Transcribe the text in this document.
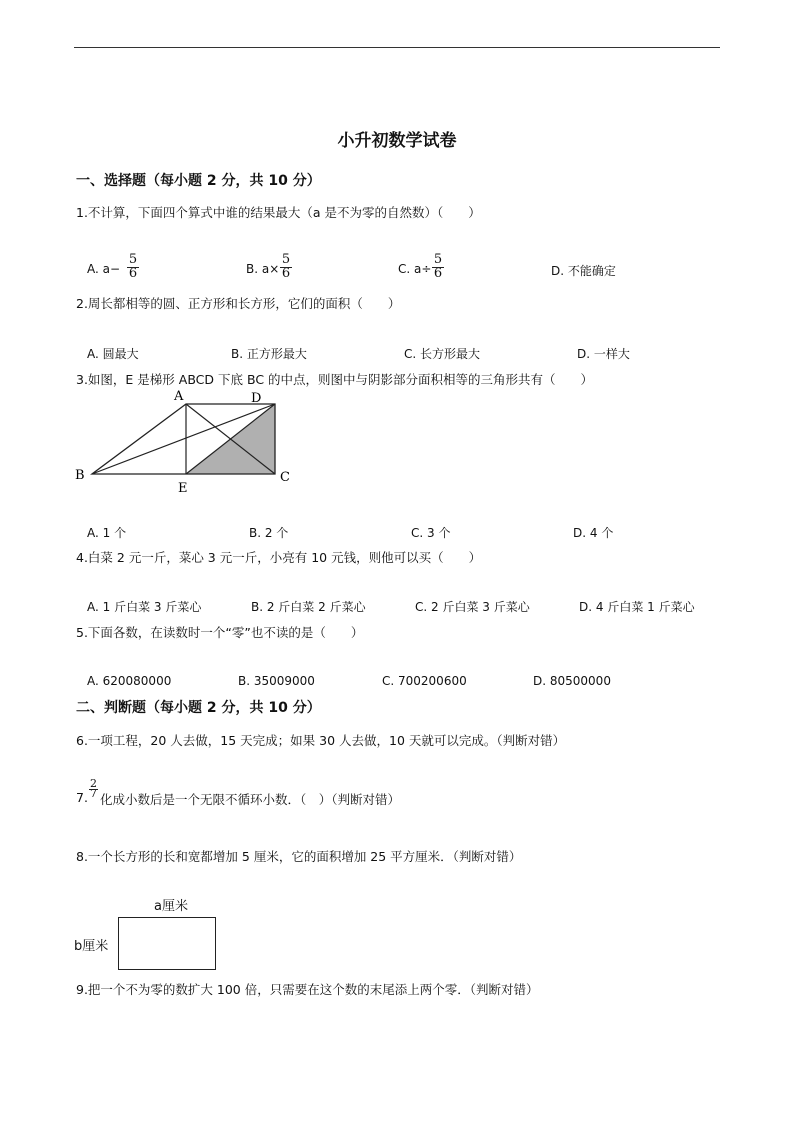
小升初数学试卷
一、选择题（每小题 2 分，共 10 分）
1.不计算，下面四个算式中谁的结果最大（a 是不为零的自然数）（　　）
A. a−
5
6	B. a×
5
6	C. a÷
5
6	D. 不能确定
2.周长都相等的圆、正方形和长方形，它们的面积（　　）
A. 圆最大	B. 正方形最大	C. 长方形最大	D. 一样大
3.如图，E 是梯形 ABCD 下底 BC 的中点，则图中与阴影部分面积相等的三角形共有（　　）
A	D
B	C
E
A. 1 个	B. 2 个	C. 3 个	D. 4 个
4.白菜 2 元一斤，菜心 3 元一斤，小亮有 10 元钱，则他可以买（　　）
A. 1 斤白菜 3 斤菜心	B. 2 斤白菜 2 斤菜心	C. 2 斤白菜 3 斤菜心	D. 4 斤白菜 1 斤菜心
5.下面各数，在读数时一个“零”也不读的是（　　）
A. 620080000	B. 35009000	C. 700200600	D. 80500000
二、判断题（每小题 2 分，共 10 分）
6.一项工程，20 人去做，15 天完成；如果 30 人去做，10 天就可以完成。（判断对错）
7.
2
7 化成小数后是一个无限不循环小数．（　）（判断对错）
8.一个长方形的长和宽都增加 5 厘米，它的面积增加 25 平方厘米．（判断对错）
a厘米
b厘米
9.把一个不为零的数扩大 100 倍，只需要在这个数的末尾添上两个零．（判断对错）
